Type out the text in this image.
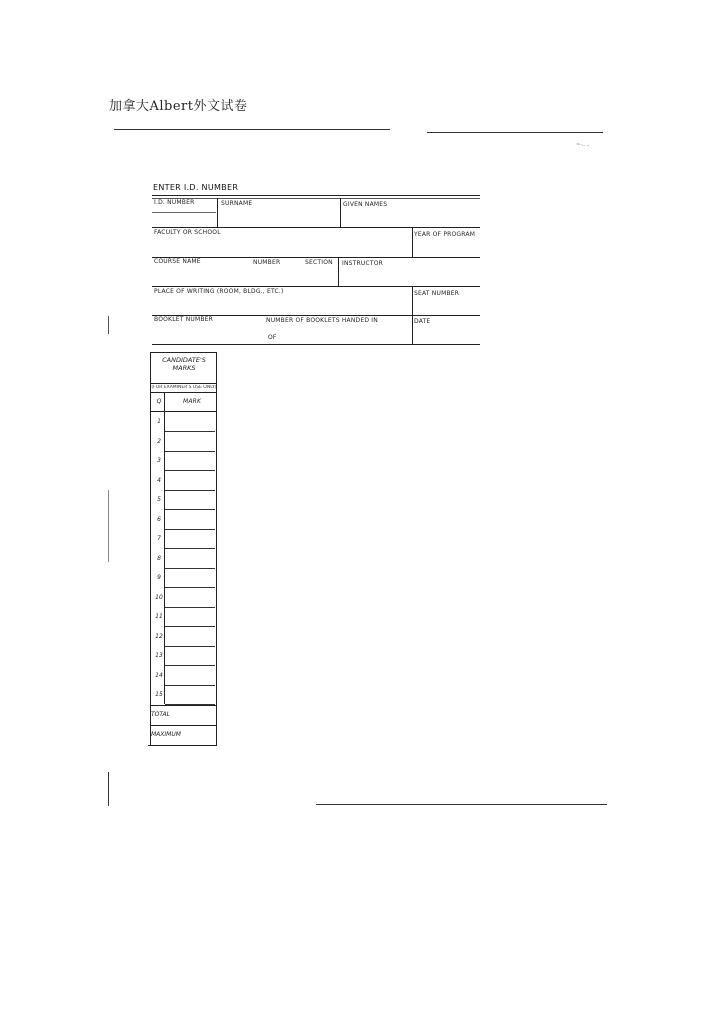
加拿大Albert外文试卷
~·.. ..
ENTER I.D. NUMBER
I.D. NUMBER	SURNAME	GIVEN NAMES
FACULTY OR SCHOOL	YEAR OF PROGRAM
COURSE NAME	NUMBER	SECTION INSTRUCTOR
PLACE OF WRITING (ROOM, BLDG., ETC.)	SEAT NUMBER
BOOKLET NUMBER	NUMBER OF BOOKLETS HANDED IN	DATE
OF
CANDIDATE'S
MARKS
(FOR EXAMINER'S USE ONLY)
Q	MARK
1
2
3
4
5
6
7
8
9
10
11
12
13
14
15
TOTAL
MAXIMUM
